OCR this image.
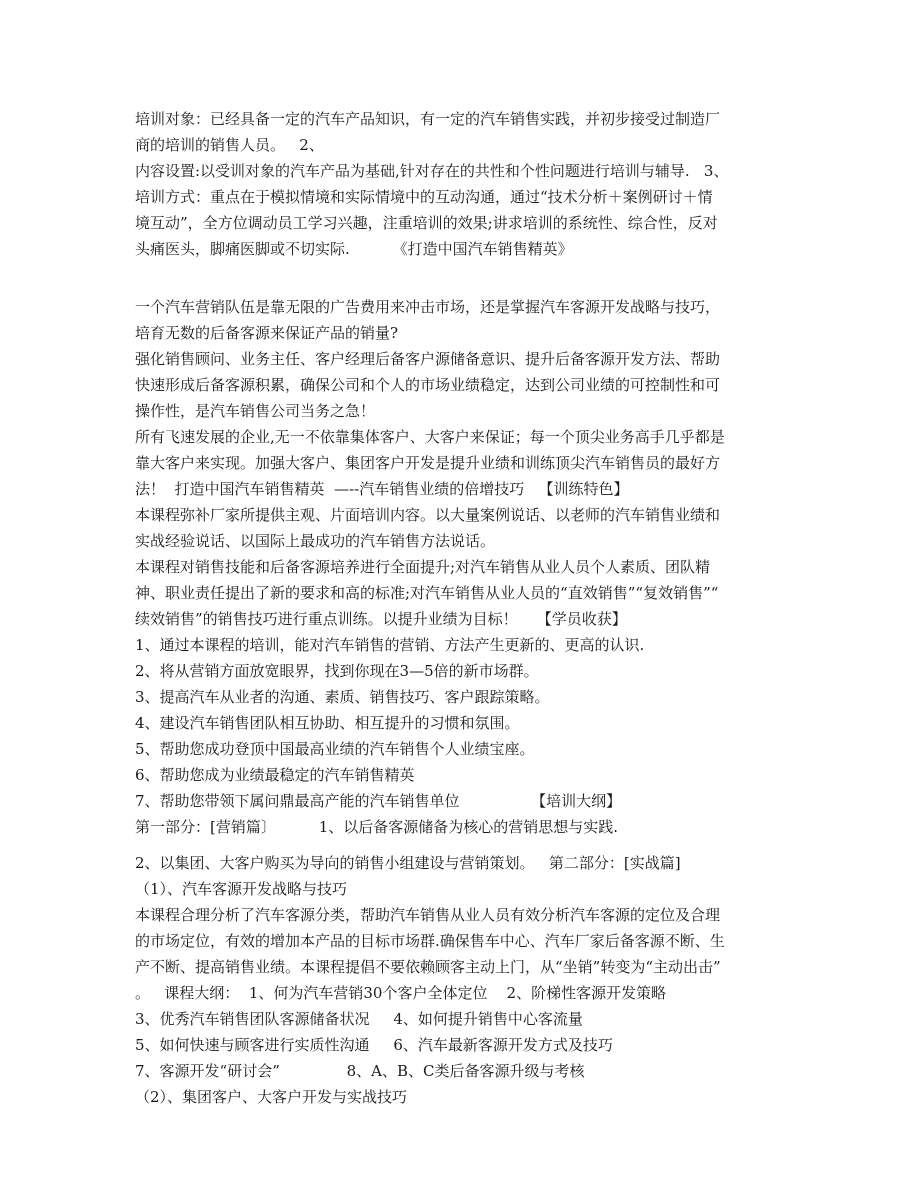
培训对象：已经具备一定的汽车产品知识，有一定的汽车销售实践，并初步接受过制造厂
商的培训的销售人员。   2、
内容设置:以受训对象的汽车产品为基础,针对存在的共性和个性问题进行培训与辅导.   3、
培训方式：重点在于模拟情境和实际情境中的互动沟通，通过“技术分析＋案例研讨＋情
境互动”，全方位调动员工学习兴趣，注重培训的效果;讲求培训的系统性、综合性，反对
头痛医头，脚痛医脚或不切实际.         《打造中国汽车销售精英》
一个汽车营销队伍是靠无限的广告费用来冲击市场，还是掌握汽车客源开发战略与技巧，
培育无数的后备客源来保证产品的销量?
强化销售顾问、业务主任、客户经理后备客户源储备意识、提升后备客源开发方法、帮助
快速形成后备客源积累，确保公司和个人的市场业绩稳定，达到公司业绩的可控制性和可
操作性，是汽车销售公司当务之急！
所有飞速发展的企业,无一不依靠集体客户、大客户来保证；每一个顶尖业务高手几乎都是
靠大客户来实现。加强大客户、集团客户开发是提升业绩和训练顶尖汽车销售员的最好方
法！  打造中国汽车销售精英  —--汽车销售业绩的倍增技巧   【训练特色】
本课程弥补厂家所提供主观、片面培训内容。以大量案例说话、以老师的汽车销售业绩和
实战经验说话、以国际上最成功的汽车销售方法说话。
本课程对销售技能和后备客源培养进行全面提升;对汽车销售从业人员个人素质、团队精
神、职业责任提出了新的要求和高的标准;对汽车销售从业人员的“直效销售”“复效销售”“
续效销售”的销售技巧进行重点训练。以提升业绩为目标！    【学员收获】
1、通过本课程的培训，能对汽车销售的营销、方法产生更新的、更高的认识.
2、将从营销方面放宽眼界，找到你现在3—5倍的新市场群。
3、提高汽车从业者的沟通、素质、销售技巧、客户跟踪策略。
4、建设汽车销售团队相互协助、相互提升的习惯和氛围。
5、帮助您成功登顶中国最高业绩的汽车销售个人业绩宝座。
6、帮助您成为业绩最稳定的汽车销售精英
7、帮助您带领下属问鼎最高产能的汽车销售单位               【培训大纲】
第一部分：[营销篇〕         1、以后备客源储备为核心的营销思想与实践.
2、以集团、大客户购买为导向的销售小组建设与营销策划。   第二部分：[实战篇]
（1）、汽车客源开发战略与技巧
本课程合理分析了汽车客源分类，帮助汽车销售从业人员有效分析汽车客源的定位及合理
的市场定位，有效的增加本产品的目标市场群.确保售车中心、汽车厂家后备客源不断、生
产不断、提高销售业绩。本课程提倡不要依赖顾客主动上门，从“坐销”转变为“主动出击”
。   课程大纲：  1、何为汽车营销30个客户全体定位    2、阶梯性客源开发策略
3、优秀汽车销售团队客源储备状况     4、如何提升销售中心客流量
5、如何快速与顾客进行实质性沟通     6、汽车最新客源开发方式及技巧
7、客源开发“研讨会”              8、A、B、C类后备客源升级与考核
（2）、集团客户、大客户开发与实战技巧
